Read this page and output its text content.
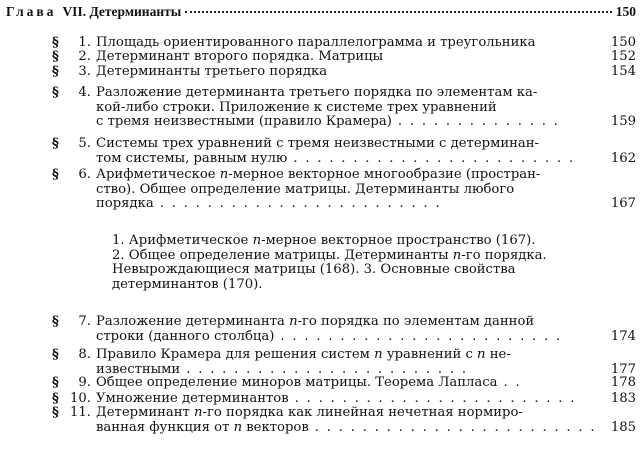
Глава VII. Детерминанты	150
§	1. Площадь ориентированного параллелограмма и треугольника	150
§	2. Детерминант второго порядка. Матрицы	152
§	3. Детерминанты третьего порядка	154
§	4. Разложение детерминанта третьего порядка по элементам ка-
кой-либо строки. Приложение к системе трех уравнений
с тремя неизвестными (правило Крамера) . . . . . . . . . . . . . .	159
§	5. Системы трех уравнений с тремя неизвестными с детерминан-
том системы, равным нулю . . . . . . . . . . . . . . . . . . . . . . . .	162
§	6. Арифметическое n-мерное векторное многообразие (простран-
ство). Общее определение матрицы. Детерминанты любого
порядка . . . . . . . . . . . . . . . . . . . . . . . .	167
§	7. Разложение детерминанта n-го порядка по элементам данной
строки (данного столбца) . . . . . . . . . . . . . . . . . . . . . . . .	174
§	8. Правило Крамера для решения систем n уравнений с n не-
известными . . . . . . . . . . . . . . . . . . . . . . . .	177
§	9. Общее определение миноров матрицы. Теорема Лапласа . .	178
§ 10. Умножение детерминантов . . . . . . . . . . . . . . . . . . . . . . . .	183
§ 11. Детерминант n-го порядка как линейная нечетная нормиро-
ванная функция от n векторов . . . . . . . . . . . . . . . . . . . . . . . .	185
1. Арифметическое n-мерное векторное пространство (167).
2. Общее определение матрицы. Детерминанты n-го порядка.
Невырождающиеся матрицы (168). 3. Основные свойства
детерминантов (170).
